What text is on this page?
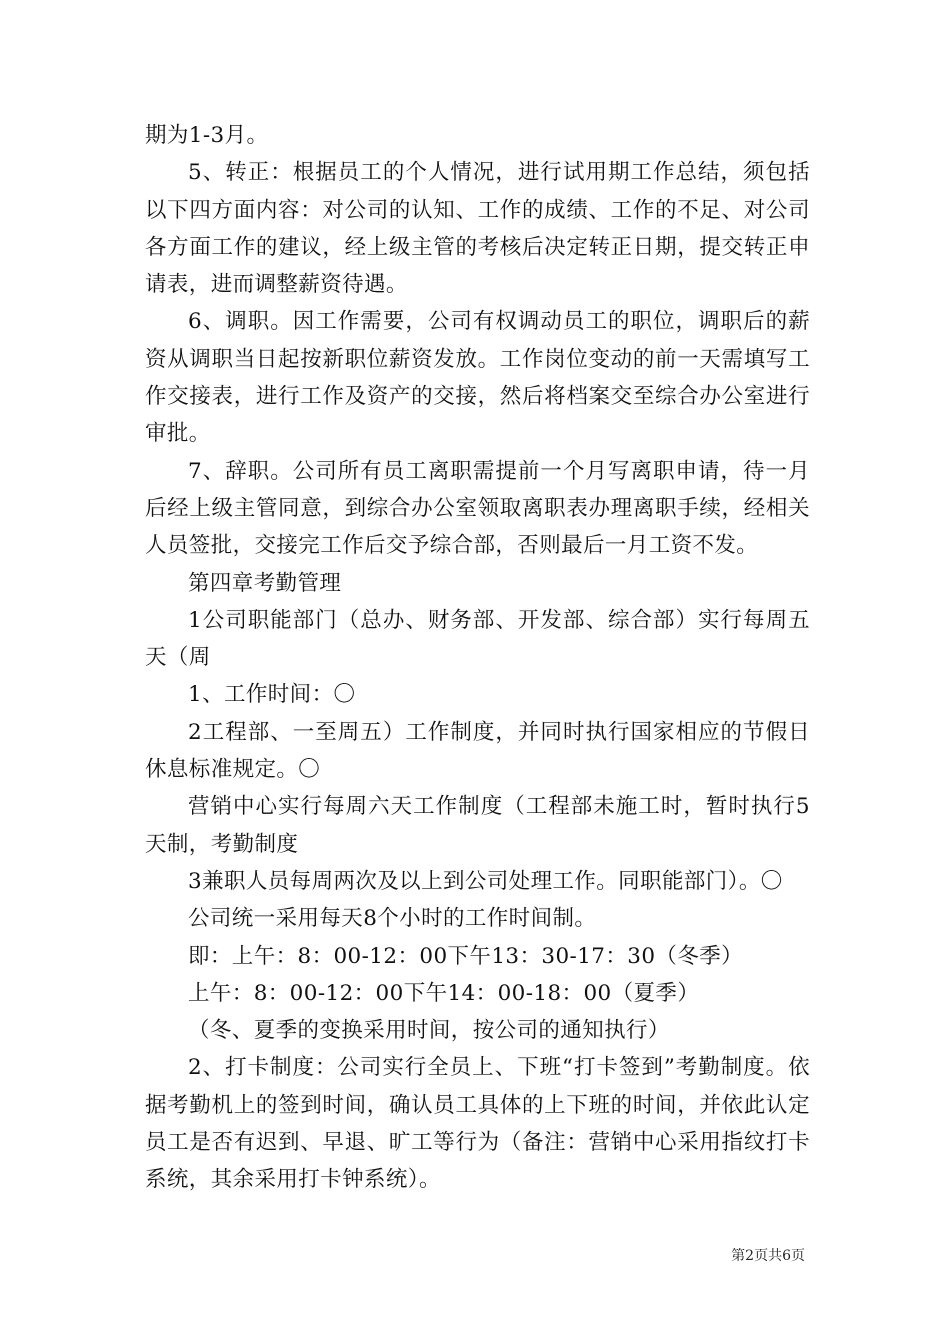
期为1-3月。

5、转正：根据员工的个人情况，进行试用期工作总结，须包括以下四方面内容：对公司的认知、工作的成绩、工作的不足、对公司各方面工作的建议，经上级主管的考核后决定转正日期，提交转正申请表，进而调整薪资待遇。

6、调职。因工作需要，公司有权调动员工的职位，调职后的薪资从调职当日起按新职位薪资发放。工作岗位变动的前一天需填写工作交接表，进行工作及资产的交接，然后将档案交至综合办公室进行审批。

7、辞职。公司所有员工离职需提前一个月写离职申请，待一月后经上级主管同意，到综合办公室领取离职表办理离职手续，经相关人员签批，交接完工作后交予综合部，否则最后一月工资不发。

第四章考勤管理

1公司职能部门（总办、财务部、开发部、综合部）实行每周五天（周

1、工作时间：〇

2工程部、一至周五）工作制度，并同时执行国家相应的节假日休息标准规定。〇

营销中心实行每周六天工作制度（工程部未施工时，暂时执行5天制，考勤制度

3兼职人员每周两次及以上到公司处理工作。同职能部门）。〇

公司统一采用每天8个小时的工作时间制。

即：上午：8：00-12：00下午13：30-17：30（冬季）

上午：8：00-12：00下午14：00-18：00（夏季）

（冬、夏季的变换采用时间，按公司的通知执行）

2、打卡制度：公司实行全员上、下班“打卡签到”考勤制度。依据考勤机上的签到时间，确认员工具体的上下班的时间，并依此认定员工是否有迟到、早退、旷工等行为（备注：营销中心采用指纹打卡系统，其余采用打卡钟系统）。

第2页共6页
